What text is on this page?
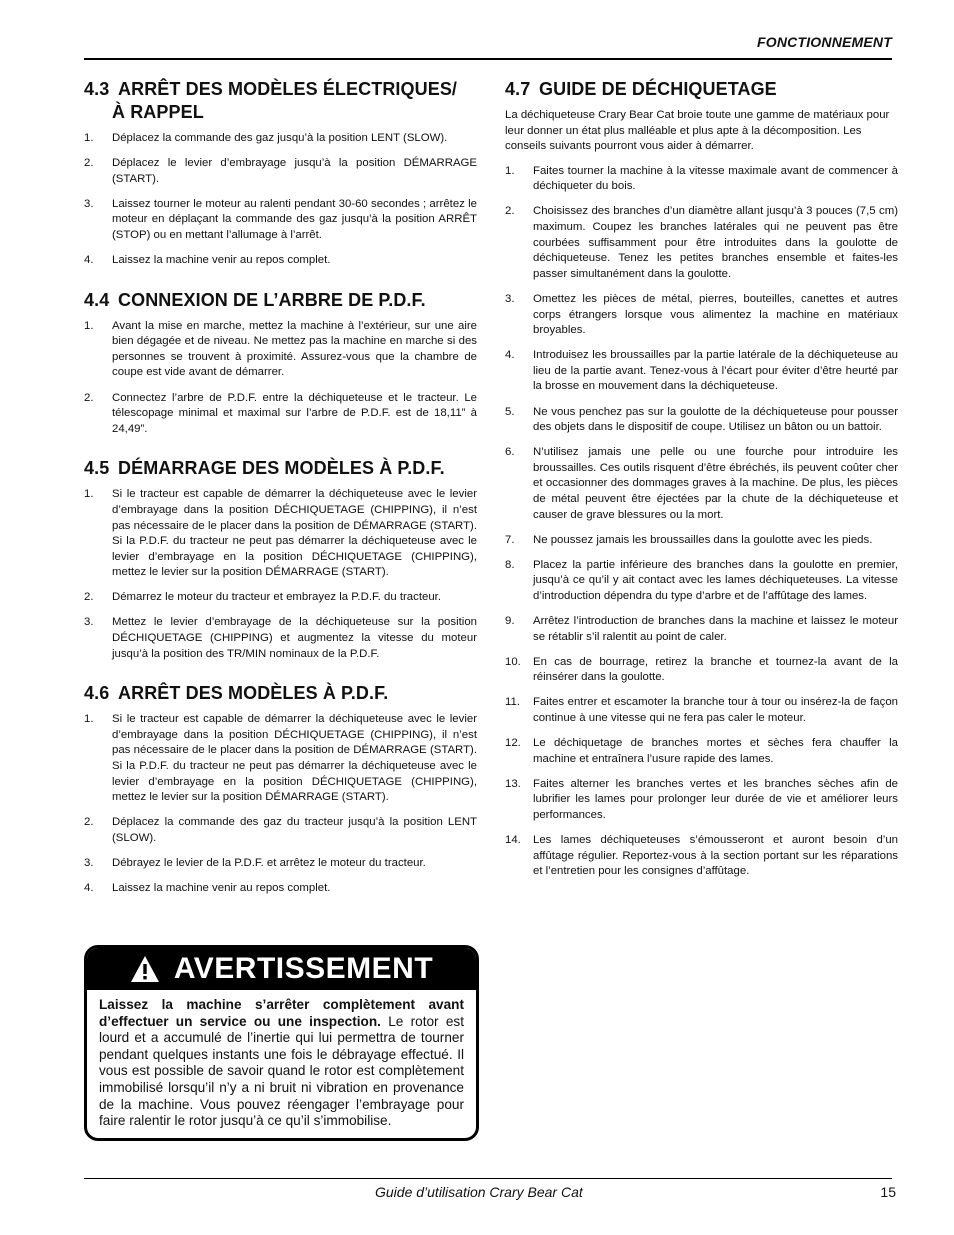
FONCTIONNEMENT
4.3 ARRÊT DES MODÈLES ÉLECTRIQUES/
À RAPPEL
1. Déplacez la commande des gaz jusqu’à la position LENT (SLOW).
2. Déplacez le levier d’embrayage jusqu’à la position DÉMARRAGE (START).
3. Laissez tourner le moteur au ralenti pendant 30-60 secondes ; arrêtez le moteur en déplaçant la commande des gaz jusqu’à la position ARRÊT (STOP) ou en mettant l’allumage à l’arrêt.
4. Laissez la machine venir au repos complet.
4.4 CONNEXION DE L’ARBRE DE P.D.F.
1. Avant la mise en marche, mettez la machine à l’extérieur, sur une aire bien dégagée et de niveau. Ne mettez pas la machine en marche si des personnes se trouvent à proximité. Assurez-vous que la chambre de coupe est vide avant de démarrer.
2. Connectez l’arbre de P.D.F. entre la déchiqueteuse et le tracteur. Le télescopage minimal et maximal sur l’arbre de P.D.F. est de 18,11” à 24,49”.
4.5 DÉMARRAGE DES MODÈLES À P.D.F.
1. Si le tracteur est capable de démarrer la déchiqueteuse avec le levier d’embrayage dans la position DÉCHIQUETAGE (CHIPPING), il n’est pas nécessaire de le placer dans la position de DÉMARRAGE (START). Si la P.D.F. du tracteur ne peut pas démarrer la déchiqueteuse avec le levier d’embrayage en la position DÉCHIQUETAGE (CHIPPING), mettez le levier sur la position DÉMARRAGE (START).
2. Démarrez le moteur du tracteur et embrayez la P.D.F. du tracteur.
3. Mettez le levier d’embrayage de la déchiqueteuse sur la position DÉCHIQUETAGE (CHIPPING) et augmentez la vitesse du moteur jusqu’à la position des TR/MIN nominaux de la P.D.F.
4.6 ARRÊT DES MODÈLES À P.D.F.
1. Si le tracteur est capable de démarrer la déchiqueteuse avec le levier d’embrayage dans la position DÉCHIQUETAGE (CHIPPING), il n’est pas nécessaire de le placer dans la position de DÉMARRAGE (START). Si la P.D.F. du tracteur ne peut pas démarrer la déchiqueteuse avec le levier d’embrayage en la position DÉCHIQUETAGE (CHIPPING), mettez le levier sur la position DÉMARRAGE (START).
2. Déplacez la commande des gaz du tracteur jusqu’à la position LENT (SLOW).
3. Débrayez le levier de la P.D.F. et arrêtez le moteur du tracteur.
4. Laissez la machine venir au repos complet.
4.7 GUIDE DE DÉCHIQUETAGE

La déchiqueteuse Crary Bear Cat broie toute une gamme de matériaux pour leur donner un état plus malléable et plus apte à la décomposition. Les conseils suivants pourront vous aider à démarrer.

1. Faites tourner la machine à la vitesse maximale avant de commencer à déchiqueter du bois.
2. Choisissez des branches d’un diamètre allant jusqu’à 3 pouces (7,5 cm) maximum. Coupez les branches latérales qui ne peuvent pas être courbées suffisamment pour être introduites dans la goulotte de déchiqueteuse. Tenez les petites branches ensemble et faites-les passer simultanément dans la goulotte.
3. Omettez les pièces de métal, pierres, bouteilles, canettes et autres corps étrangers lorsque vous alimentez la machine en matériaux broyables.
4. Introduisez les broussailles par la partie latérale de la déchiqueteuse au lieu de la partie avant. Tenez-vous à l’écart pour éviter d’être heurté par la brosse en mouvement dans la déchiqueteuse.
5. Ne vous penchez pas sur la goulotte de la déchiqueteuse pour pousser des objets dans le dispositif de coupe. Utilisez un bâton ou un battoir.
6. N’utilisez jamais une pelle ou une fourche pour introduire les broussailles. Ces outils risquent d’être ébréchés, ils peuvent coûter cher et occasionner des dommages graves à la machine. De plus, les pièces de métal peuvent être éjectées par la chute de la déchiqueteuse et causer de grave blessures ou la mort.
7. Ne poussez jamais les broussailles dans la goulotte avec les pieds.
8. Placez la partie inférieure des branches dans la goulotte en premier, jusqu’à ce qu’il y ait contact avec les lames déchiqueteuses. La vitesse d’introduction dépendra du type d’arbre et de l’affûtage des lames.
9. Arrêtez l’introduction de branches dans la machine et laissez le moteur se rétablir s’il ralentit au point de caler.
10. En cas de bourrage, retirez la branche et tournez-la avant de la réinsérer dans la goulotte.
11. Faites entrer et escamoter la branche tour à tour ou insérez-la de façon continue à une vitesse qui ne fera pas caler le moteur.
12. Le déchiquetage de branches mortes et sèches fera chauffer la machine et entraînera l’usure rapide des lames.
13. Faites alterner les branches vertes et les branches sèches afin de lubrifier les lames pour prolonger leur durée de vie et améliorer leurs performances.
14. Les lames déchiqueteuses s’émousseront et auront besoin d’un affûtage régulier. Reportez-vous à la section portant sur les réparations et l’entretien pour les consignes d’affûtage.
AVERTISSEMENT
Laissez la machine s’arrêter complètement avant d’effectuer un service ou une inspection. Le rotor est lourd et a accumulé de l’inertie qui lui permettra de tourner pendant quelques instants une fois le débrayage effectué. Il vous est possible de savoir quand le rotor est complètement immobilisé lorsqu’il n’y a ni bruit ni vibration en provenance de la machine. Vous pouvez réengager l’embrayage pour faire ralentir le rotor jusqu’à ce qu’il s’immobilise.
Guide d’utilisation Crary Bear Cat	15
